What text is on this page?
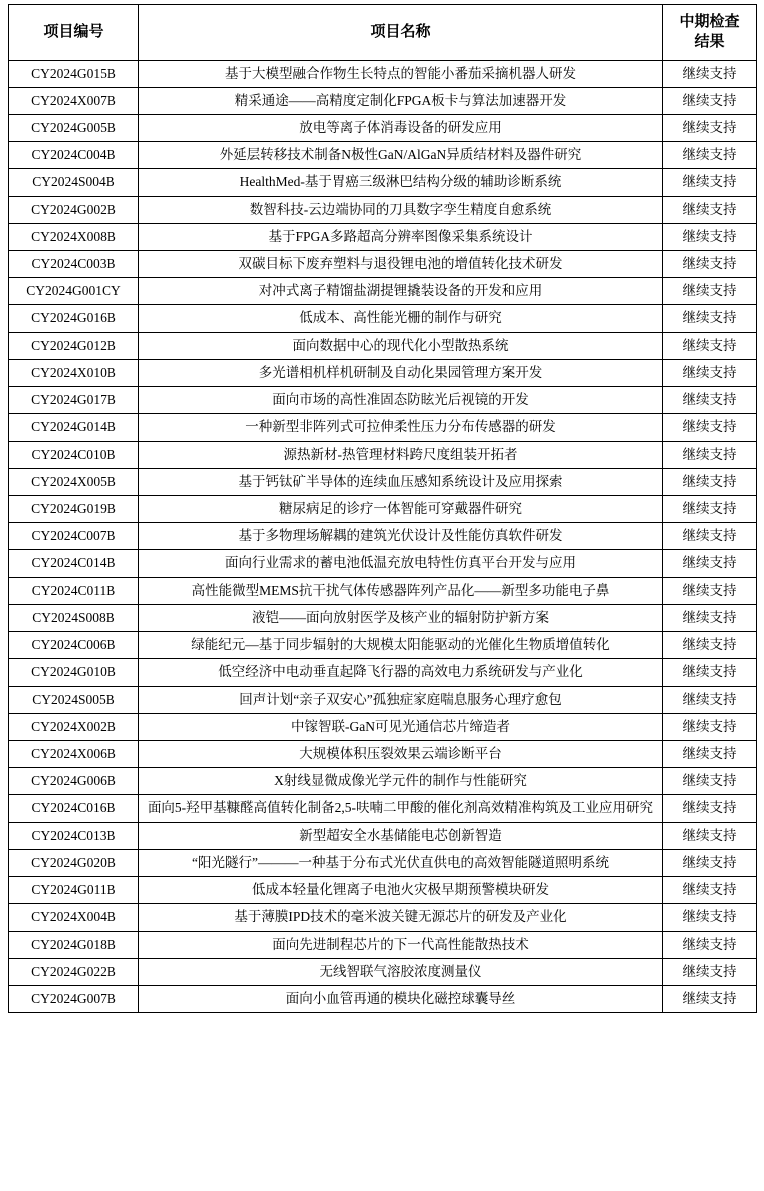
项目编号	项目名称	中期检查
结果

CY2024G015B	基于大模型融合作物生长特点的智能小番茄采摘机器人研发	继续支持
CY2024X007B	精采通途——高精度定制化FPGA板卡与算法加速器开发	继续支持
CY2024G005B	放电等离子体消毒设备的研发应用	继续支持
CY2024C004B	外延层转移技术制备N极性GaN/AlGaN异质结材料及器件研究	继续支持
CY2024S004B	HealthMed-基于胃癌三级淋巴结构分级的辅助诊断系统	继续支持
CY2024G002B	数智科技-云边端协同的刀具数字孪生精度自愈系统	继续支持
CY2024X008B	基于FPGA多路超高分辨率图像采集系统设计	继续支持
CY2024C003B	双碳目标下废弃塑料与退役锂电池的增值转化技术研发	继续支持
CY2024G001CY	对冲式离子精馏盐湖提锂撬装设备的开发和应用	继续支持
CY2024G016B	低成本、高性能光栅的制作与研究	继续支持
CY2024G012B	面向数据中心的现代化小型散热系统	继续支持
CY2024X010B	多光谱相机样机研制及自动化果园管理方案开发	继续支持
CY2024G017B	面向市场的高性准固态防眩光后视镜的开发	继续支持
CY2024G014B	一种新型非阵列式可拉伸柔性压力分布传感器的研发	继续支持
CY2024C010B	源热新材-热管理材料跨尺度组装开拓者	继续支持
CY2024X005B	基于钙钛矿半导体的连续血压感知系统设计及应用探索	继续支持
CY2024G019B	糖尿病足的诊疗一体智能可穿戴器件研究	继续支持
CY2024C007B	基于多物理场解耦的建筑光伏设计及性能仿真软件研发	继续支持
CY2024C014B	面向行业需求的蓄电池低温充放电特性仿真平台开发与应用	继续支持
CY2024C011B	高性能微型MEMS抗干扰气体传感器阵列产品化——新型多功能电子鼻	继续支持
CY2024S008B	液铠——面向放射医学及核产业的辐射防护新方案	继续支持
CY2024C006B	绿能纪元—基于同步辐射的大规模太阳能驱动的光催化生物质增值转化	继续支持
CY2024G010B	低空经济中电动垂直起降飞行器的高效电力系统研发与产业化	继续支持
CY2024S005B	回声计划“亲子双安心”孤独症家庭喘息服务心理疗愈包	继续支持
CY2024X002B	中镓智联-GaN可见光通信芯片缔造者	继续支持
CY2024X006B	大规模体积压裂效果云端诊断平台	继续支持
CY2024G006B	X射线显微成像光学元件的制作与性能研究	继续支持
CY2024C016B	面向5-羟甲基糠醛高值转化制备2,5-呋喃二甲酸的催化剂高效精准构筑及工业应用研究	继续支持
CY2024C013B	新型超安全水基储能电芯创新智造	继续支持
CY2024G020B	“阳光隧行”———一种基于分布式光伏直供电的高效智能隧道照明系统	继续支持
CY2024G011B	低成本轻量化锂离子电池火灾极早期预警模块研发	继续支持
CY2024X004B	基于薄膜IPD技术的毫米波关键无源芯片的研发及产业化	继续支持
CY2024G018B	面向先进制程芯片的下一代高性能散热技术	继续支持
CY2024G022B	无线智联气溶胶浓度测量仪	继续支持
CY2024G007B	面向小血管再通的模块化磁控球囊导丝	继续支持
